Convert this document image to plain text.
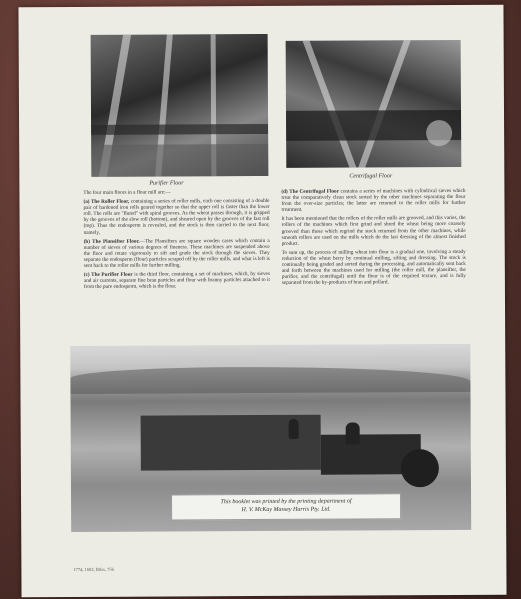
Purifier Floor
Centrifugal Floor

The four main floors in a flour mill are:—

(a) The Roller Floor, containing a series of roller mills, each one consisting of a double pair of hardened iron rolls geared together so that the upper roll is faster than the lower roll. The rolls are "fluted" with spiral grooves. As the wheat passes through, it is gripped by the grooves of the slow roll (bottom), and sheared open by the grooves of the fast roll (top). Thus the endosperm is revealed, and the stock is then carried to the next floor, namely,

(b) The Plansifter Floor.—The Plansifters are square wooden cases which contain a number of sieves of various degrees of fineness. These machines are suspended above the floor and rotate vigorously to sift and grade the stock through the sieves. They separate the endosperm (flour) particles scraped off by the roller mills, and what is left is sent back to the roller mills for further milling.

(c) The Purifier Floor is the third floor, containing a set of machines, which, by sieves and air currents, separate fine bran particles and flour with branny particles attached to it from the pure endosperm, which is the flour.

(d) The Centrifugal Floor contains a series of machines with cylindrical sieves which treat the comparatively clean stock sorted by the other machines separating the flour from the over-size particles; the latter are returned to the roller mills for further treatment.

It has been mentioned that the rollers of the roller mills are grooved, and this varies, the rollers of the machines which first grind and shred the wheat being more coarsely grooved than those which regrind the stock returned from the other machines, while smooth rollers are used on the mills which do the last dressing of the almost finished product.

To sum up, the process of milling wheat into flour is a gradual one, involving a steady reduction of the wheat berry by continual milling, sifting and dressing. The stock is continually being graded and sorted during the processing, and automatically sent back and forth between the machines used for milling (the roller mill, the plansifter, the purifier, and the centrifugal) until the flour is of the required texture, and is fully separated from the by-products of bran and pollard.

This booklet was printed by the printing department of
H. V. McKay Massey Harris Pty. Ltd.
1774, 1682, Bilss, 756
